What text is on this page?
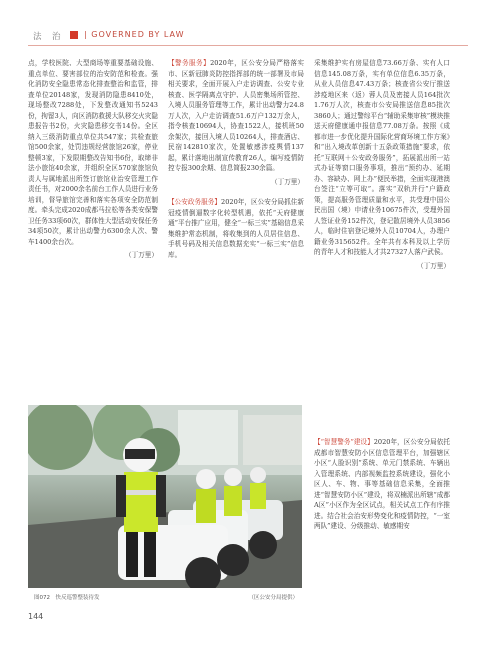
法　治	| GOVERNED BY LAW

点，学校医院、大型商场等重要基础设施、重点单位、要害部位的治安防范和检查。强化消防安全隐患常态化排查整治和监管，排查单位20148家，发现消防隐患8410处，现场整改7288处，下发整改通知书5243份，拘留3人，向区消防救援大队移交火灾隐患报告书2份，火灾隐患移交书14份。全区纳入三级消防重点单位共547家；共检查旅馆500余家，处罚违规经营旅馆26家，停业整顿3家，下发限期整改告知书6份，取缔非法小旅馆40余家，并组织全区570家旅馆负责人与属地派出所签订旅馆业治安管理工作责任书，对2000余名前台工作人员进行业务培训，督导旅馆完善和落实各项安全防范制度。牵头完成2020成都马拉松等各类安保警卫任务33项60次，群体性大型活动安保任务34项50次，累计出动警力6300余人次、警车1400余台次。

（丁万里）

【警务服务】2020年，区公安分局严格落实市、区新冠肺炎防控指挥部的统一部署及市局相关要求，全面开展入户走访调查、公安专业核查、医学隔离点守护、人员密集场所管控、入境人员服务管理等工作，累计出动警力24.8万人次，入户走访调查51.6万户132万余人，指令核查10694人，协查1522人，接机班50余架次，接回入境人员10264人，排查酒店、民宿142810家次，处置敏感涉疫舆情137起，累计落地出制宣传教育26人，编写疫情防控专报300余期、信息简报230余篇。

（丁万里）

【公安政务服务】2020年，区公安分局抓住新冠疫情倒逼数字化转型机遇，依托“天府健康通”平台推广应用，健全“一标三实”基础信息采集维护常态机制，将收集到的人员居住信息、手机号码及相关信息数据充实“一标三实”信息库。

采集维护实有房屋信息73.66万条、实有人口信息145.08万条，实有单位信息6.35万条，从业人员信息47.43万条；核查省公安厅推送涉疫地区来（返）蓉人员及密接人员164批次1.76万人次，核查市公安局推送信息85批次3860人；通过警综平台“辅助采集审核”模块推送天府健康通申报信息77.08万条。按照《成都市进一步优化提升国际化营商环境工作方案》和“出入境改革创新十五条政策措施”要求，依托“互联网＋公安政务服务”，拓展派出所一站式办证等窗口服务事项，推出“预约办、延期办、容缺办、网上办”便民举措，全面实现港澳台签注“立等可取”。落实“双轨并行”户籍政策，提高服务管理质量和水平，共受理中国公民出国（境）申请业务10675件次，受理外国人签证业务152件次，登记散居境外人员3856人，临时住宿登记境外人员10704人，办理户籍业务315652件。全年共有本科及以上学历的青年人才和技能人才共27327人落户武侯。

（丁万里）

【“智慧警务”建设】2020年，区公安分局依托成都市智慧安防小区信息管理平台，加强辖区小区“人脸识别”系统、单元门禁系统、车辆出入管理系统、内部视频监控系统建设，强化小区人、车、物、事等基础信息采集，全面推进“智慧安防小区”建设，将双楠派出所辖“成都A区”小区作为全区试点，相关试点工作有序推进。结合社会治安形势变化和疫情防控，“一室两队”建设、分级推动、敏感期安

图072　快反巡警整装待发	（区公安分局提供）
144
